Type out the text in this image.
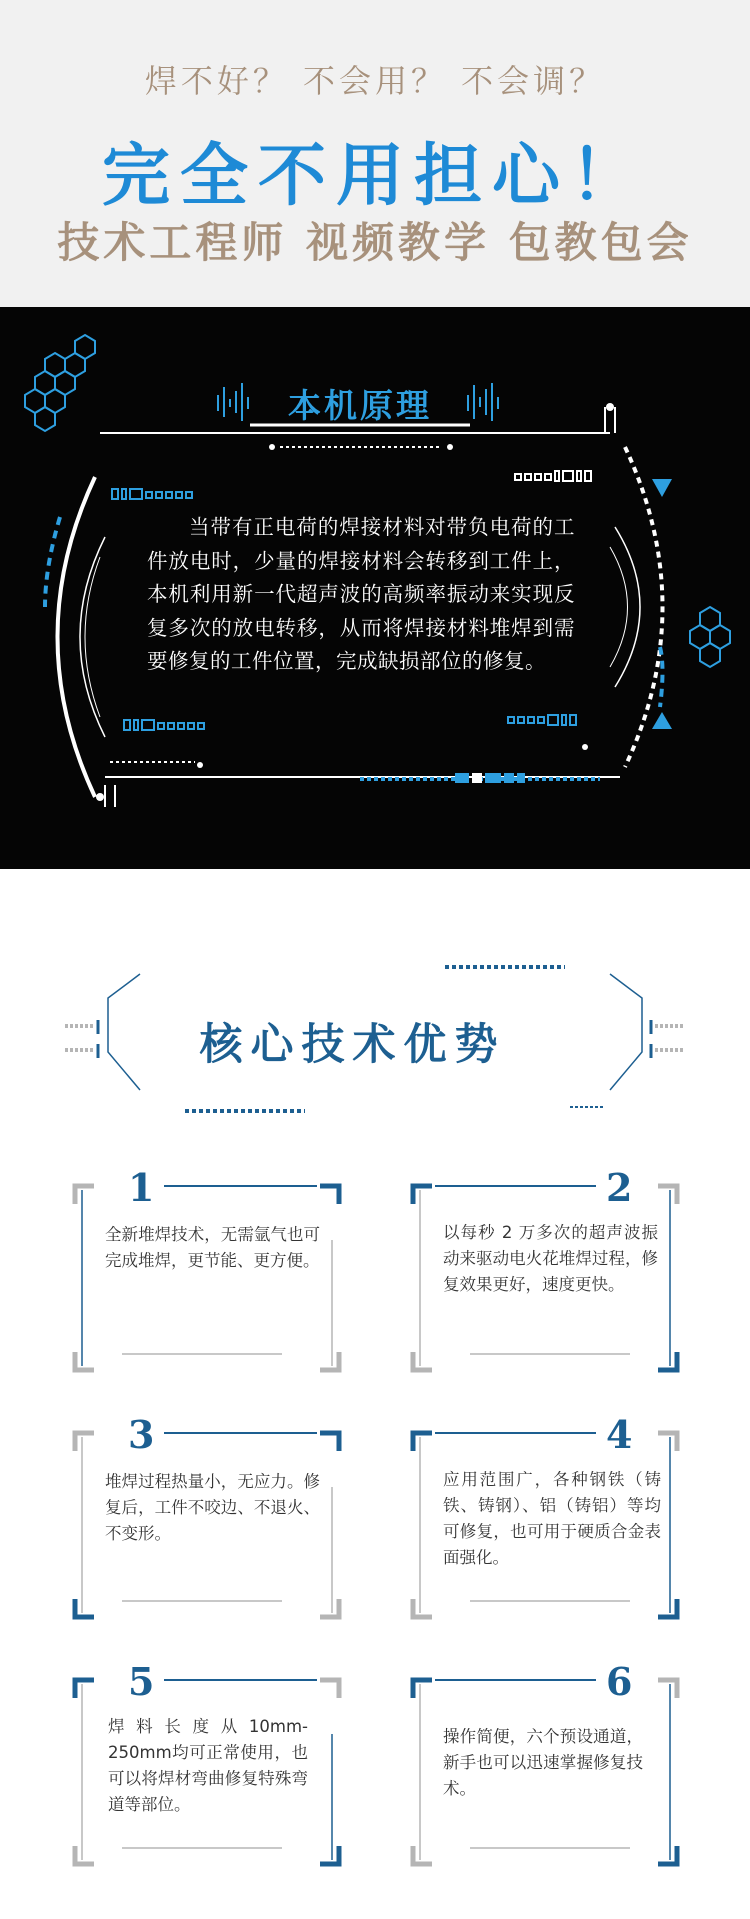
焊不好？ 不会用？ 不会调？
完全不用担心！
技术工程师 视频教学 包教包会
本机原理

当带有正电荷的焊接材料对带负电荷的工件放电时，少量的焊接材料会转移到工件上，本机利用新一代超声波的高频率振动来实现反复多次的放电转移，从而将焊接材料堆焊到需要修复的工件位置，完成缺损部位的修复。

核心技术优势
1

全新堆焊技术，无需氩气也可完成堆焊，更节能、更方便。

2

以每秒 2 万多次的超声波振动来驱动电火花堆焊过程，修复效果更好，速度更快。

3

堆焊过程热量小，无应力。修复后，工件不咬边、不退火、不变形。

4

应用范围广，各种钢铁（铸铁、铸钢）、铝（铸铝）等均可修复，也可用于硬质合金表面强化。

5

焊料长度从10mm-250mm均可正常使用，也可以将焊材弯曲修复特殊弯道等部位。

6

操作简便，六个预设通道，新手也可以迅速掌握修复技术。
